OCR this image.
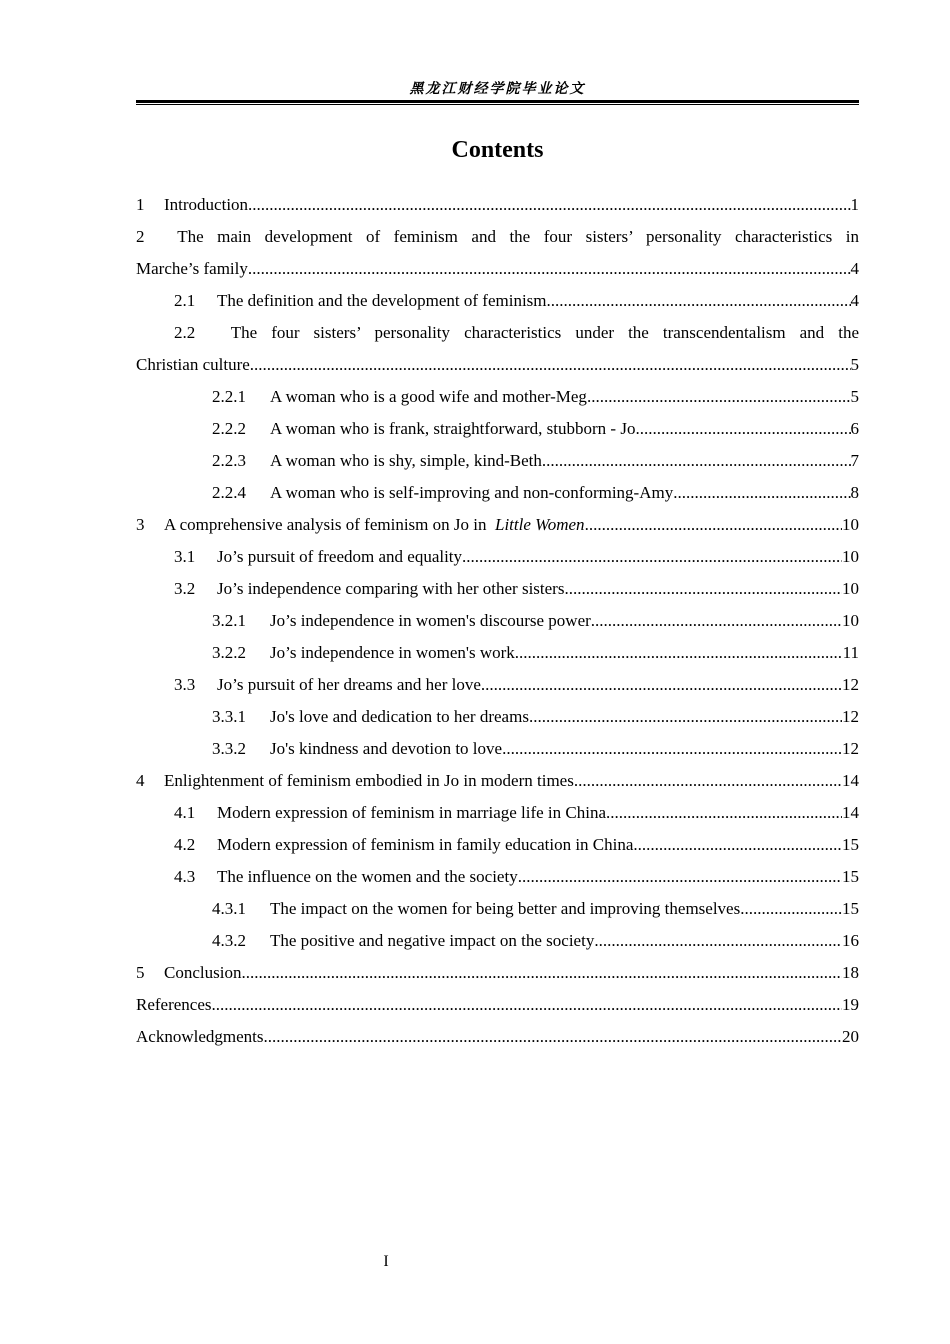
黑龙江财经学院毕业论文
Contents
1 Introduction .....	1
2 The main development of feminism and the four sisters’ personality characteristics in
Marche’s family .....	4
2.1 The definition and the development of feminism .....	4
2.2 The four sisters’ personality characteristics under the transcendentalism and the
Christian culture .....	5
2.2.1 A woman who is a good wife and mother-Meg .....	5
2.2.2 A woman who is frank, straightforward, stubborn - Jo .....	6
2.2.3 A woman who is shy, simple, kind-Beth .....	7
2.2.4 A woman who is self-improving and non-conforming-Amy .....	8
3 A comprehensive analysis of feminism on Jo in Little Women .....	10
3.1 Jo’s pursuit of freedom and equality .....	10
3.2 Jo’s independence comparing with her other sisters .....	10
3.2.1 Jo’s independence in women's discourse power .....	10
3.2.2 Jo’s independence in women's work .....	11
3.3 Jo’s pursuit of her dreams and her love .....	12
3.3.1 Jo's love and dedication to her dreams .....	12
3.3.2 Jo's kindness and devotion to love .....	12
4 Enlightenment of feminism embodied in Jo in modern times .....	14
4.1 Modern expression of feminism in marriage life in China .....	14
4.2 Modern expression of feminism in family education in China .....	15
4.3 The influence on the women and the society .....	15
4.3.1 The impact on the women for being better and improving themselves .....	15
4.3.2 The positive and negative impact on the society .....	16
5 Conclusion .....	18
References .....	19
Acknowledgments .....	20
I
